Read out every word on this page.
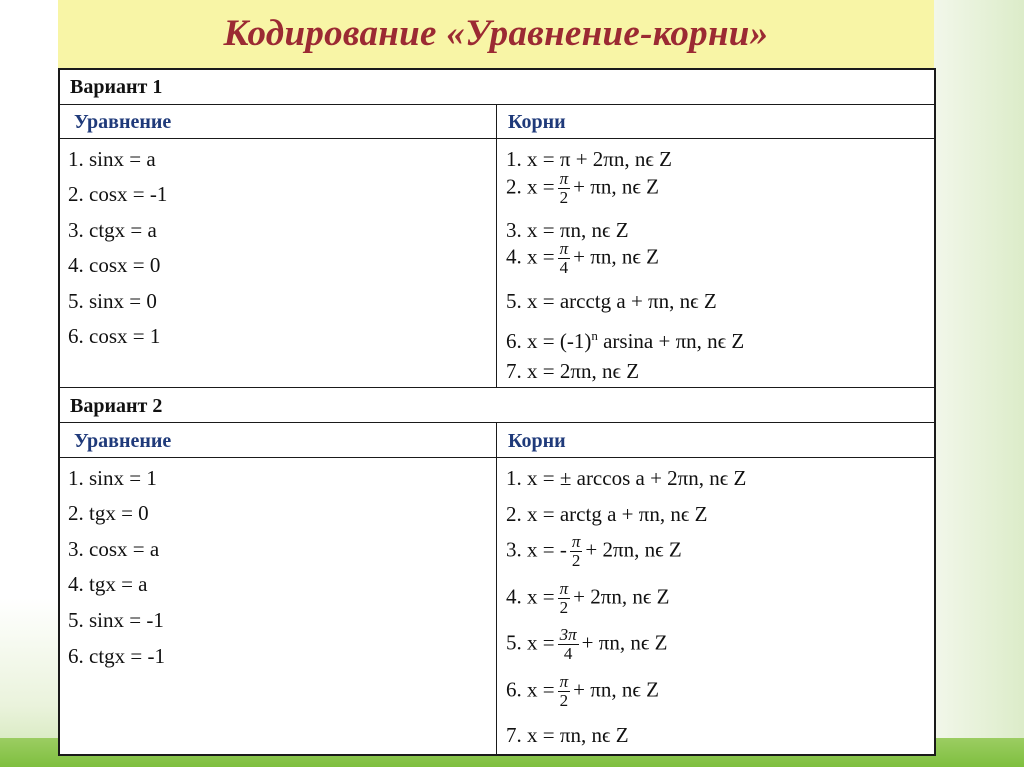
Кодирование «Уравнение-корни»
Вариант 1
Уравнение	Корни
1. sinx = a
2. cosx = -1
3. ctgx = a
4. cosx = 0
5. sinx = 0
6. cosx = 1
1. x = π + 2πn, nϵ Z
2. $x = \frac{\pi}{2} + \pi n$, nϵ Z
3. x = πn, nϵ Z
4. $x = \frac{\pi}{4} + \pi n$, nϵ Z
5. x = arcctg a + πn, nϵ Z
6. $x = (-1)^n$ arsina + πn, nϵ Z
7. x = 2πn, nϵ Z
Вариант 2
Уравнение	Корни
1. sinx = 1
2. tgx = 0
3. cosx = a
4. tgx = a
5. sinx = -1
6. ctgx = -1
1. x = ± arccos a + 2πn, nϵ Z
2. x = arctg a + πn, nϵ Z
3. x = - $\frac{\pi}{2} + 2\pi n$, nϵ Z
4. $x = \frac{\pi}{2} + 2\pi n$, nϵ Z
5. $x = \frac{3\pi}{4} + \pi n$, nϵ Z
6. $x = \frac{\pi}{2} + \pi n$, nϵ Z
7. x = πn, nϵ Z
